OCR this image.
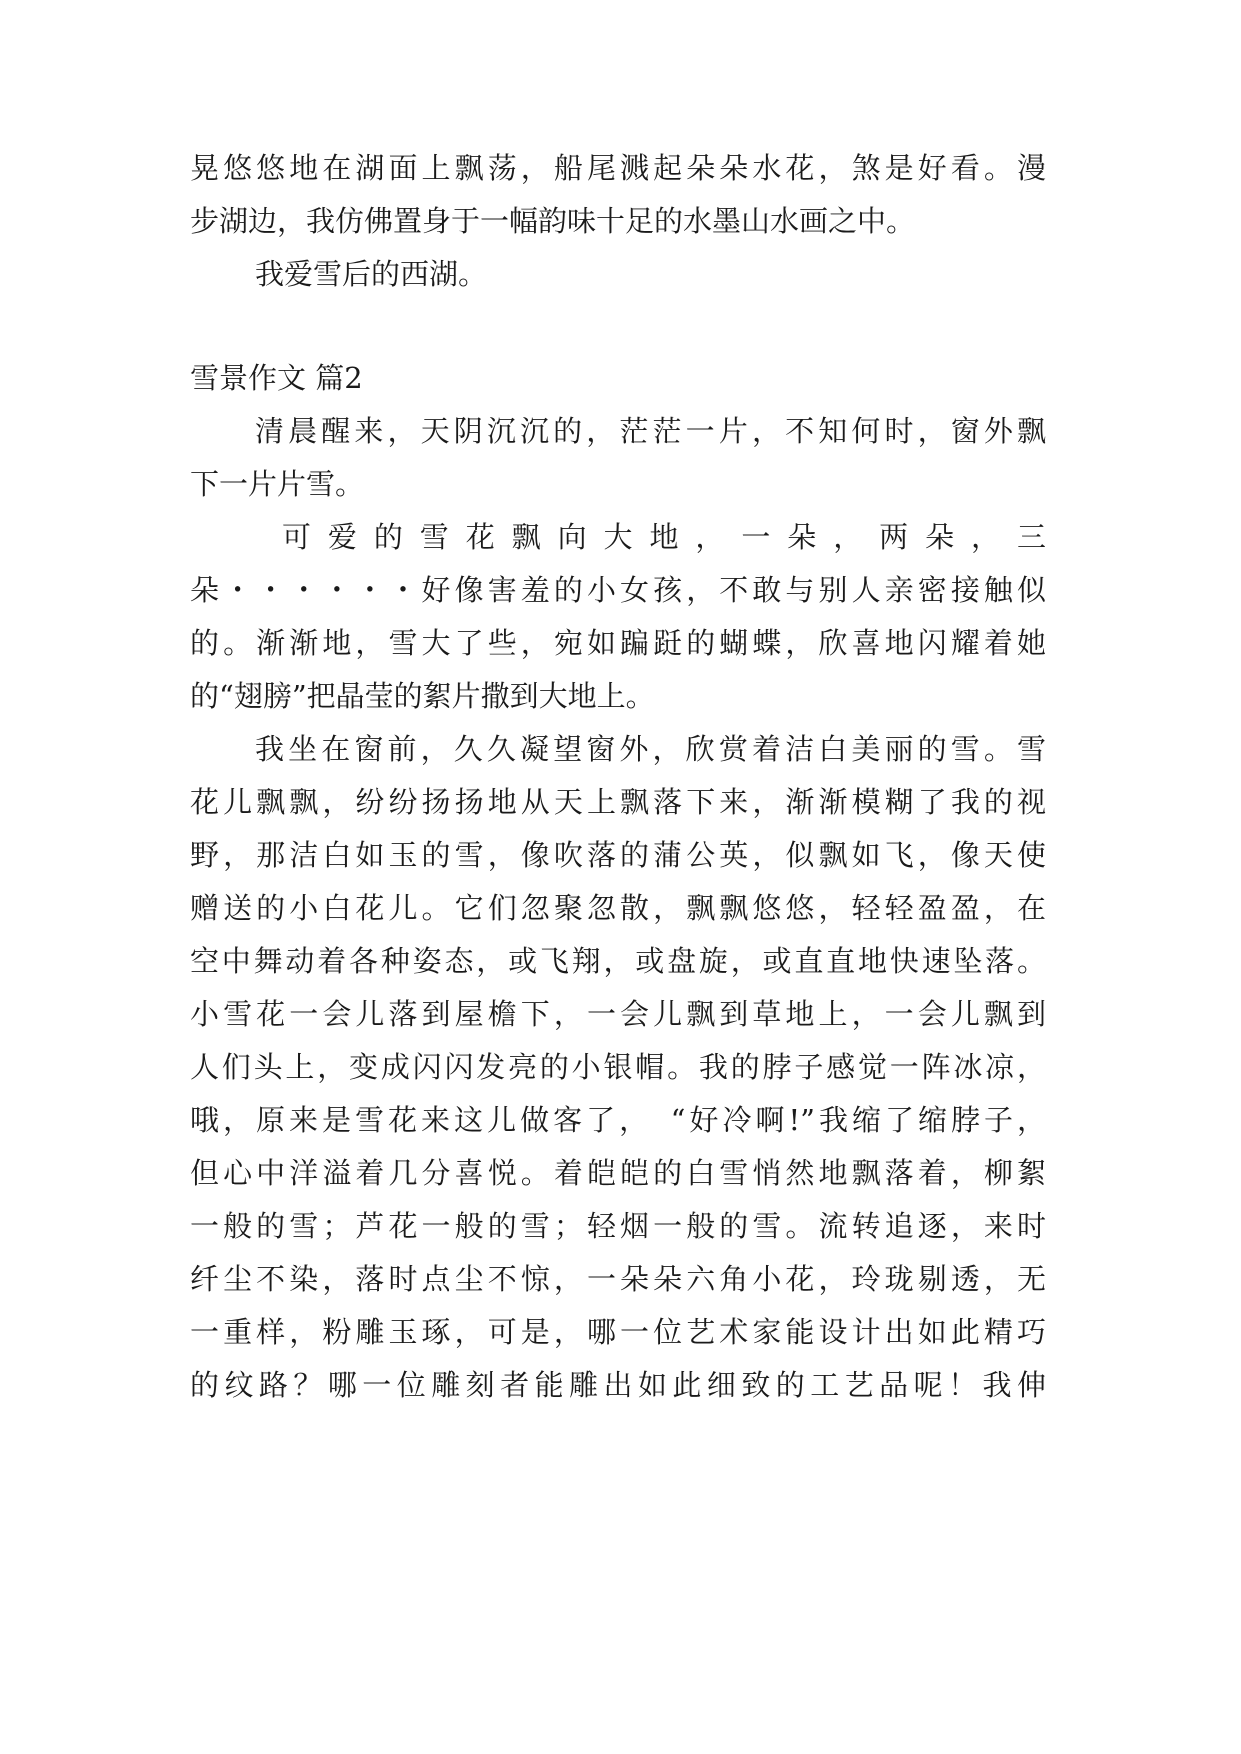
晃悠悠地在湖面上飘荡，船尾溅起朵朵水花，煞是好看。漫
步湖边，我仿佛置身于一幅韵味十足的水墨山水画之中。
我爱雪后的西湖。
雪景作文 篇2
清晨醒来，天阴沉沉的，茫茫一片，不知何时，窗外飘
下一片片雪。
可爱的雪花飘向大地，一朵，两朵，三
朵・・・・・・好像害羞的小女孩，不敢与别人亲密接触似
的。渐渐地，雪大了些，宛如蹁跹的蝴蝶，欣喜地闪耀着她
的“翅膀”把晶莹的絮片撒到大地上。
我坐在窗前，久久凝望窗外，欣赏着洁白美丽的雪。雪
花儿飘飘，纷纷扬扬地从天上飘落下来，渐渐模糊了我的视
野，那洁白如玉的雪，像吹落的蒲公英，似飘如飞，像天使
赠送的小白花儿。它们忽聚忽散，飘飘悠悠，轻轻盈盈，在
空中舞动着各种姿态，或飞翔，或盘旋，或直直地快速坠落。
小雪花一会儿落到屋檐下，一会儿飘到草地上，一会儿飘到
人们头上，变成闪闪发亮的小银帽。我的脖子感觉一阵冰凉，
哦，原来是雪花来这儿做客了，　“好冷啊!”我缩了缩脖子，
但心中洋溢着几分喜悦。着皑皑的白雪悄然地飘落着，柳絮
一般的雪；芦花一般的雪；轻烟一般的雪。流转追逐，来时
纤尘不染，落时点尘不惊，一朵朵六角小花，玲珑剔透，无
一重样，粉雕玉琢，可是，哪一位艺术家能设计出如此精巧
的纹路？哪一位雕刻者能雕出如此细致的工艺品呢！我伸
